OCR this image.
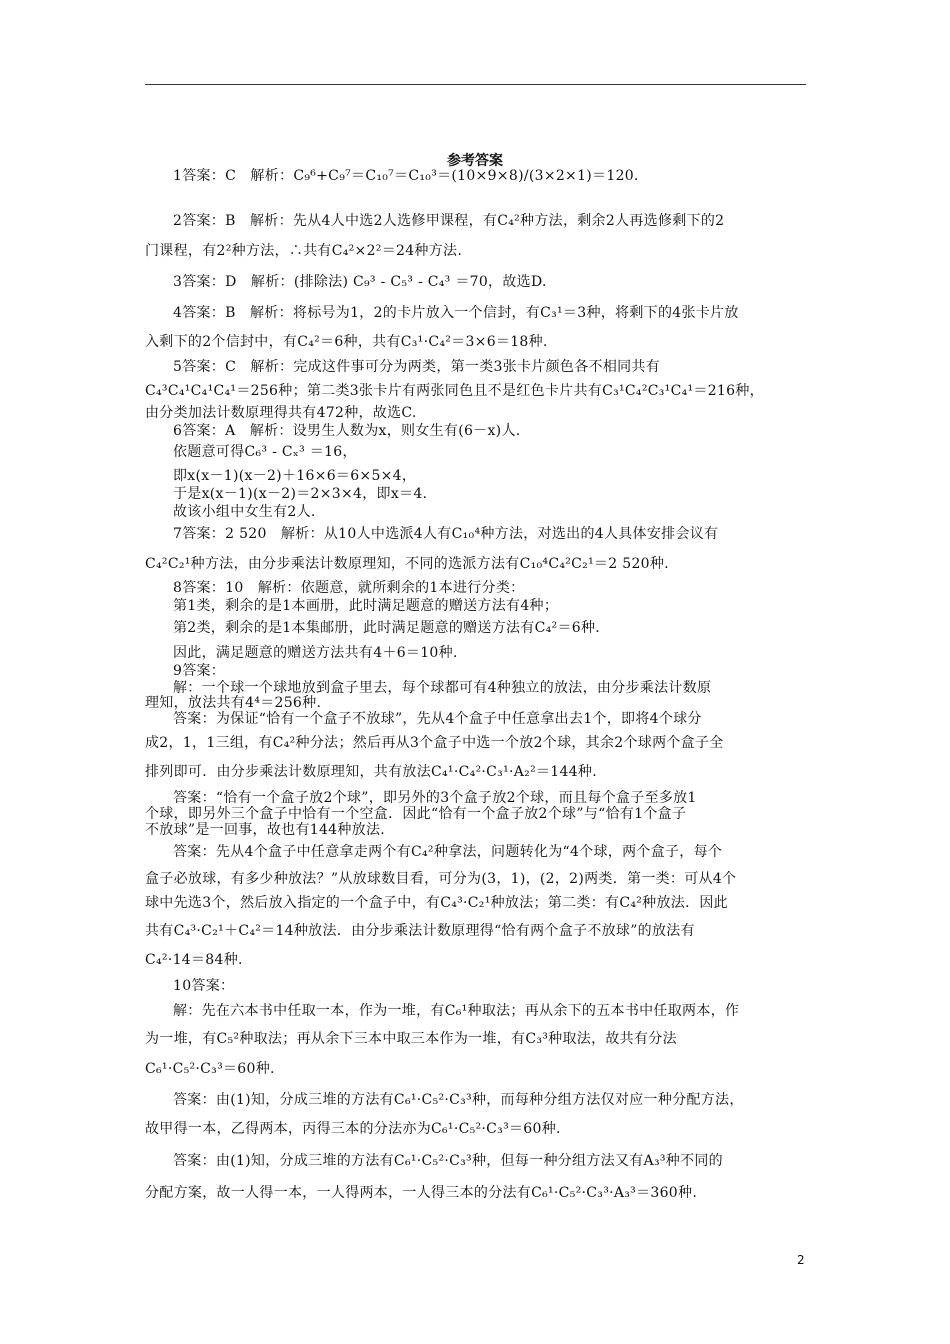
参考答案
1答案：C　解析：C₉⁶+C₉⁷＝C₁₀⁷＝C₁₀³＝(10×9×8)/(3×2×1)＝120．
2答案：B　解析：先从4人中选2人选修甲课程，有C₄²种方法，剩余2人再选修剩下的2
门课程，有2²种方法，∴共有C₄²×2²＝24种方法.
3答案：D　解析：(排除法) C₉³ - C₅³ - C₄³ ＝70，故选D.
4答案：B　解析：将标号为1，2的卡片放入一个信封，有C₃¹＝3种，将剩下的4张卡片放
入剩下的2个信封中，有C₄²＝6种，共有C₃¹·C₄²＝3×6＝18种.
5答案：C　解析：完成这件事可分为两类，第一类3张卡片颜色各不相同共有
C₄³C₄¹C₄¹C₄¹＝256种；第二类3张卡片有两张同色且不是红色卡片共有C₃¹C₄²C₃¹C₄¹＝216种，
由分类加法计数原理得共有472种，故选C.
6答案：A　解析：设男生人数为x，则女生有(6－x)人.
依题意可得C₆³ - Cₓ³ ＝16，
即x(x－1)(x－2)＋16×6＝6×5×4，
于是x(x－1)(x－2)＝2×3×4，即x＝4.
故该小组中女生有2人.
7答案：2 520　解析：从10人中选派4人有C₁₀⁴种方法，对选出的4人具体安排会议有
C₄²C₂¹种方法，由分步乘法计数原理知，不同的选派方法有C₁₀⁴C₄²C₂¹＝2 520种.
8答案：10　解析：依题意，就所剩余的1本进行分类：
第1类，剩余的是1本画册，此时满足题意的赠送方法有4种；
第2类，剩余的是1本集邮册，此时满足题意的赠送方法有C₄²＝6种.
因此，满足题意的赠送方法共有4＋6＝10种.
9答案：
解：一个球一个球地放到盒子里去，每个球都可有4种独立的放法，由分步乘法计数原
理知，放法共有4⁴＝256种.
答案：为保证“恰有一个盒子不放球”，先从4个盒子中任意拿出去1个，即将4个球分
成2，1，1三组，有C₄²种分法；然后再从3个盒子中选一个放2个球，其余2个球两个盒子全
排列即可．由分步乘法计数原理知，共有放法C₄¹·C₄²·C₃¹·A₂²＝144种.
答案：“恰有一个盒子放2个球”，即另外的3个盒子放2个球，而且每个盒子至多放1
个球，即另外三个盒子中恰有一个空盒．因此“恰有一个盒子放2个球”与“恰有1个盒子
不放球”是一回事，故也有144种放法.
答案：先从4个盒子中任意拿走两个有C₄²种拿法，问题转化为“4个球，两个盒子，每个
盒子必放球，有多少种放法？”从放球数目看，可分为(3，1)，(2，2)两类．第一类：可从4个
球中先选3个，然后放入指定的一个盒子中，有C₄³·C₂¹种放法；第二类：有C₄²种放法．因此
共有C₄³·C₂¹＋C₄²＝14种放法．由分步乘法计数原理得“恰有两个盒子不放球”的放法有
C₄²·14＝84种.
10答案：
解：先在六本书中任取一本，作为一堆，有C₆¹种取法；再从余下的五本书中任取两本，作
为一堆，有C₅²种取法；再从余下三本中取三本作为一堆，有C₃³种取法，故共有分法
C₆¹·C₅²·C₃³＝60种.
答案：由(1)知，分成三堆的方法有C₆¹·C₅²·C₃³种，而每种分组方法仅对应一种分配方法，
故甲得一本，乙得两本，丙得三本的分法亦为C₆¹·C₅²·C₃³＝60种.
答案：由(1)知，分成三堆的方法有C₆¹·C₅²·C₃³种，但每一种分组方法又有A₃³种不同的
分配方案，故一人得一本，一人得两本，一人得三本的分法有C₆¹·C₅²·C₃³·A₃³＝360种.
2
